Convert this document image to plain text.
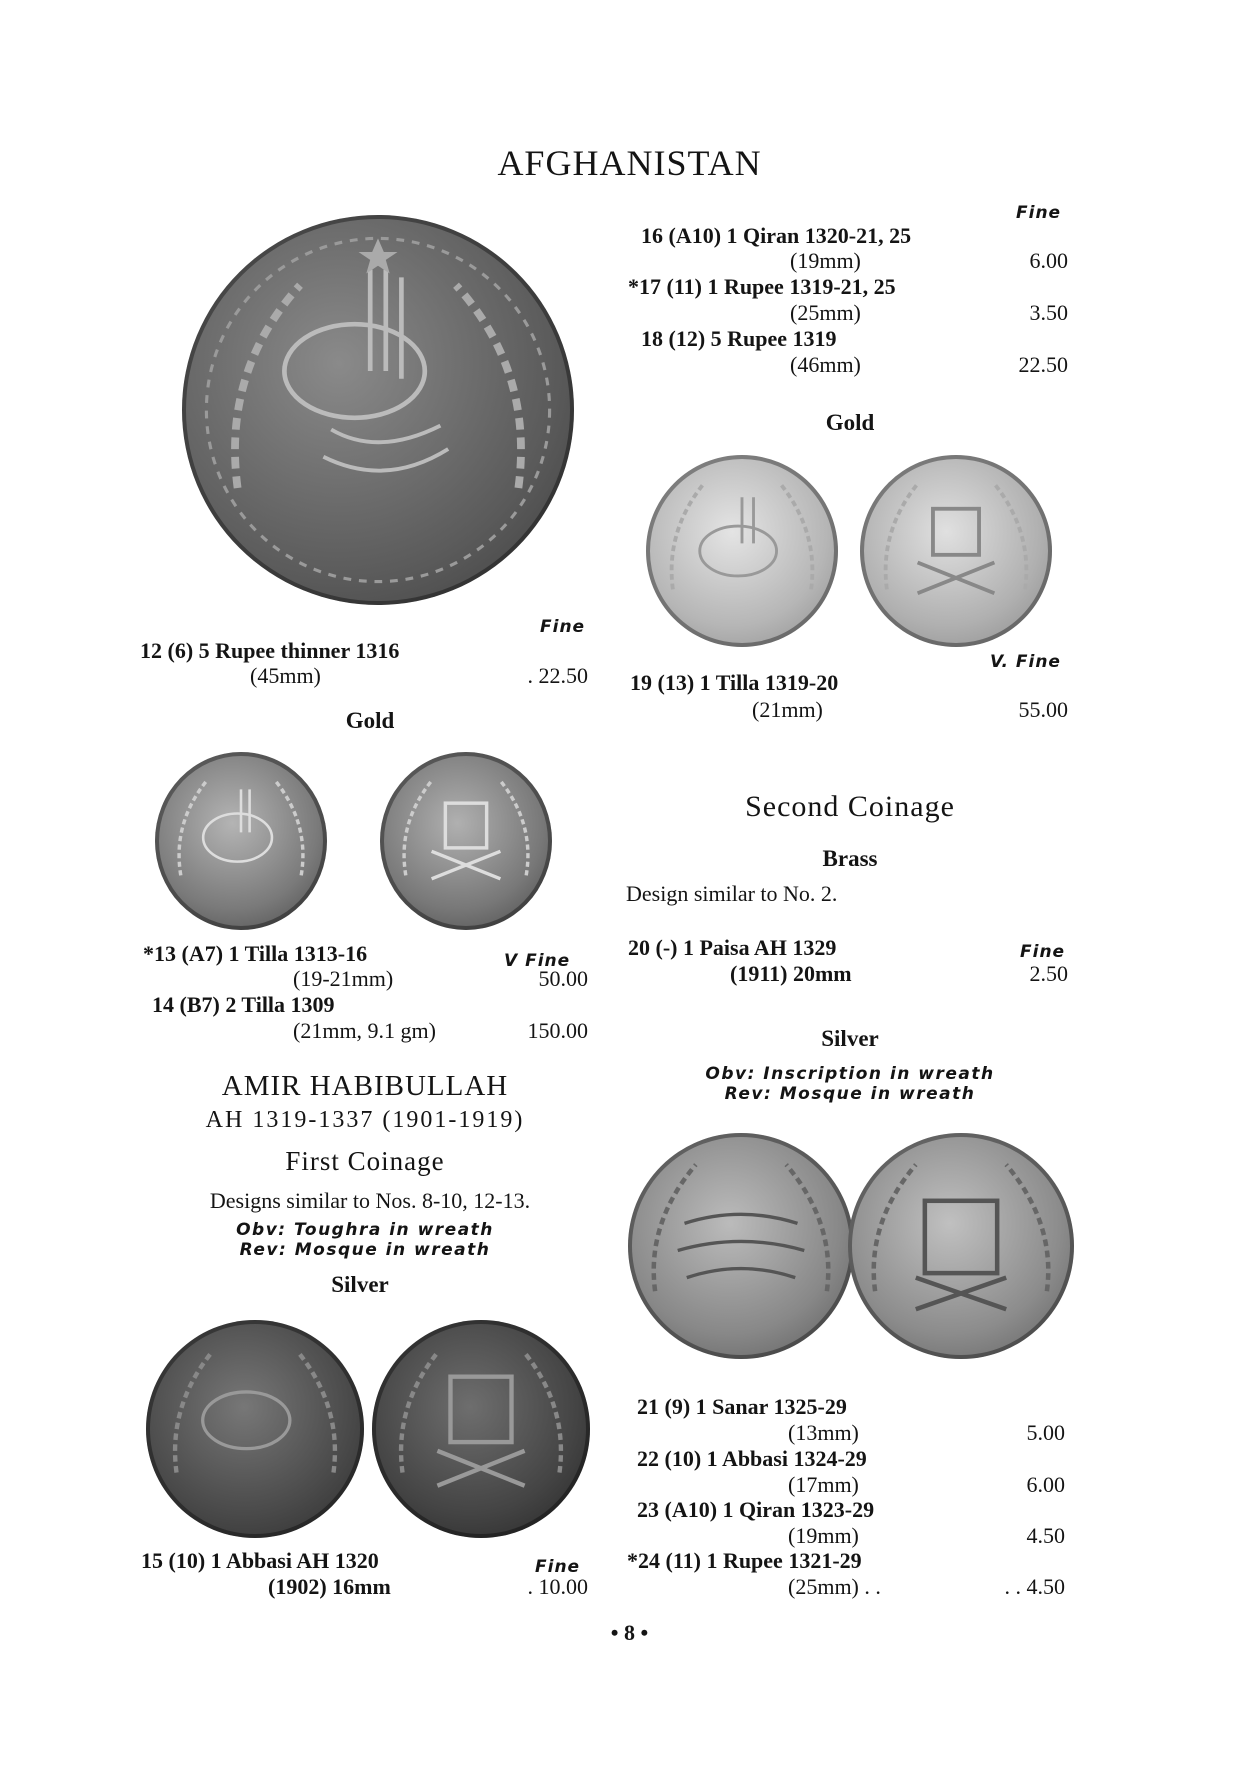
AFGHANISTAN
Fine
12 (6) 5 Rupee thinner 1316
(45mm)	. 22.50
Gold
*13 (A7) 1 Tilla 1313-16	V Fine
(19-21mm)	50.00
14 (B7) 2 Tilla 1309
(21mm, 9.1 gm)	150.00
AMIR HABIBULLAH
AH 1319-1337 (1901-1919)
First Coinage
Designs similar to Nos. 8-10, 12-13.
Obv: Toughra in wreath
Rev: Mosque in wreath
Silver
15 (10) 1 Abbasi AH 1320	Fine
(1902) 16mm	. 10.00
Fine
16 (A10) 1 Qiran 1320-21, 25
(19mm)	6.00
*17 (11) 1 Rupee 1319-21, 25
(25mm)	3.50
18 (12) 5 Rupee 1319
(46mm)	22.50
Gold
V. Fine
19 (13) 1 Tilla 1319-20
(21mm)	55.00
Second Coinage
Brass
Design similar to No. 2.
20 (-) 1 Paisa AH 1329	Fine
(1911) 20mm	2.50
Silver
Obv: Inscription in wreath
Rev: Mosque in wreath
21 (9) 1 Sanar 1325-29
(13mm)	5.00
22 (10) 1 Abbasi 1324-29
(17mm)	6.00
23 (A10) 1 Qiran 1323-29
(19mm)	4.50
*24 (11) 1 Rupee 1321-29
(25mm) . .	. . 4.50
• 8 •
